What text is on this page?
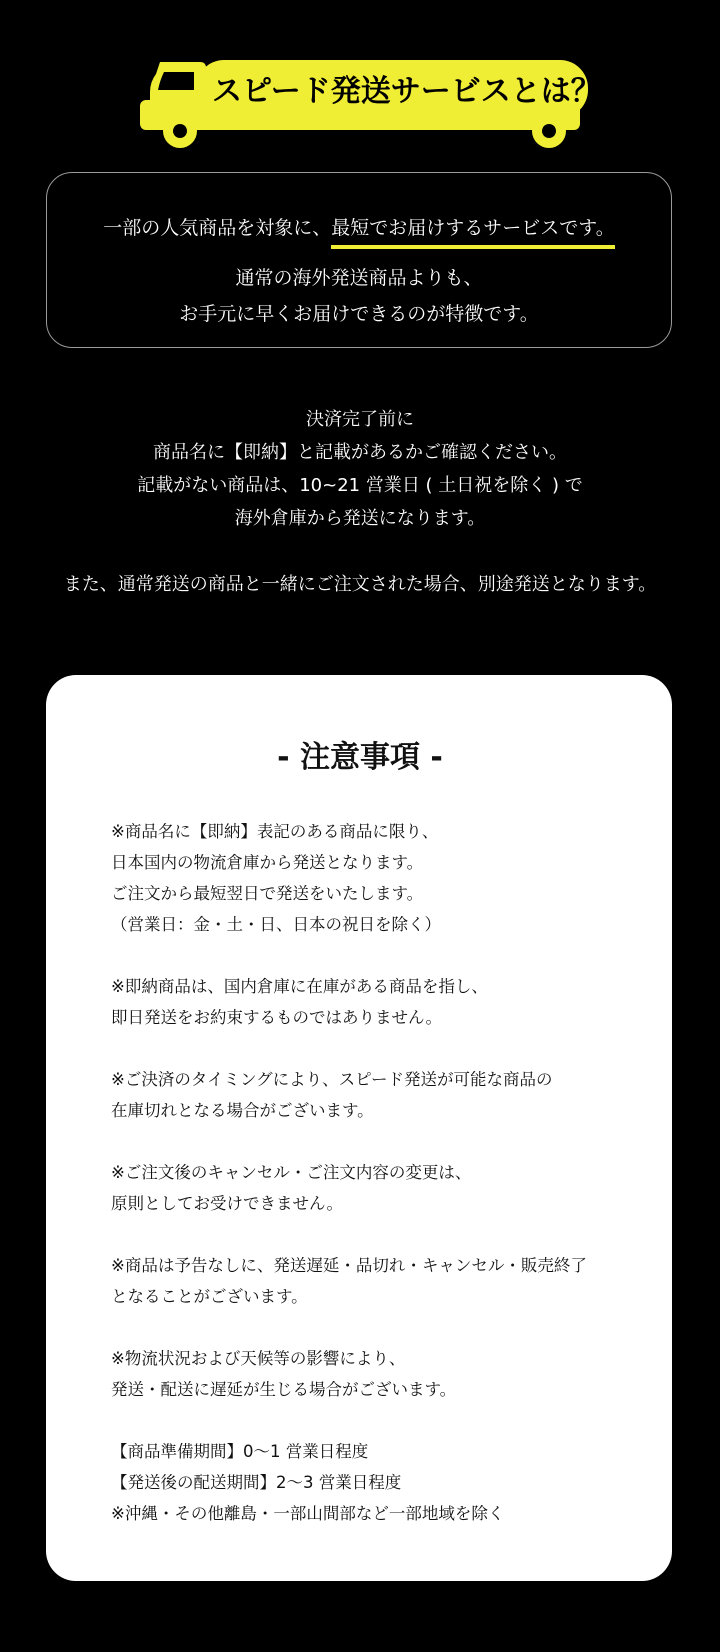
スピード発送サービスとは？
一部の人気商品を対象に、最短でお届けするサービスです。
通常の海外発送商品よりも、
お手元に早くお届けできるのが特徴です。

決済完了前に

商品名に【即納】と記載があるかご確認ください。

記載がない商品は、10~21 営業日 ( 土日祝を除く ) で

海外倉庫から発送になります。

また、通常発送の商品と一緒にご注文された場合、別途発送となります。

- 注意事項 -
※商品名に【即納】表記のある商品に限り、
日本国内の物流倉庫から発送となります。
ご注文から最短翌日で発送をいたします。
（営業日：金・土・日、日本の祝日を除く）
※即納商品は、国内倉庫に在庫がある商品を指し、
即日発送をお約束するものではありません。
※ご決済のタイミングにより、スピード発送が可能な商品の
在庫切れとなる場合がございます。
※ご注文後のキャンセル・ご注文内容の変更は、
原則としてお受けできません。
※商品は予告なしに、発送遅延・品切れ・キャンセル・販売終了
となることがございます。
※物流状況および天候等の影響により、
発送・配送に遅延が生じる場合がございます。
【商品準備期間】0〜1 営業日程度
【発送後の配送期間】2〜3 営業日程度
※沖縄・その他離島・一部山間部など一部地域を除く
